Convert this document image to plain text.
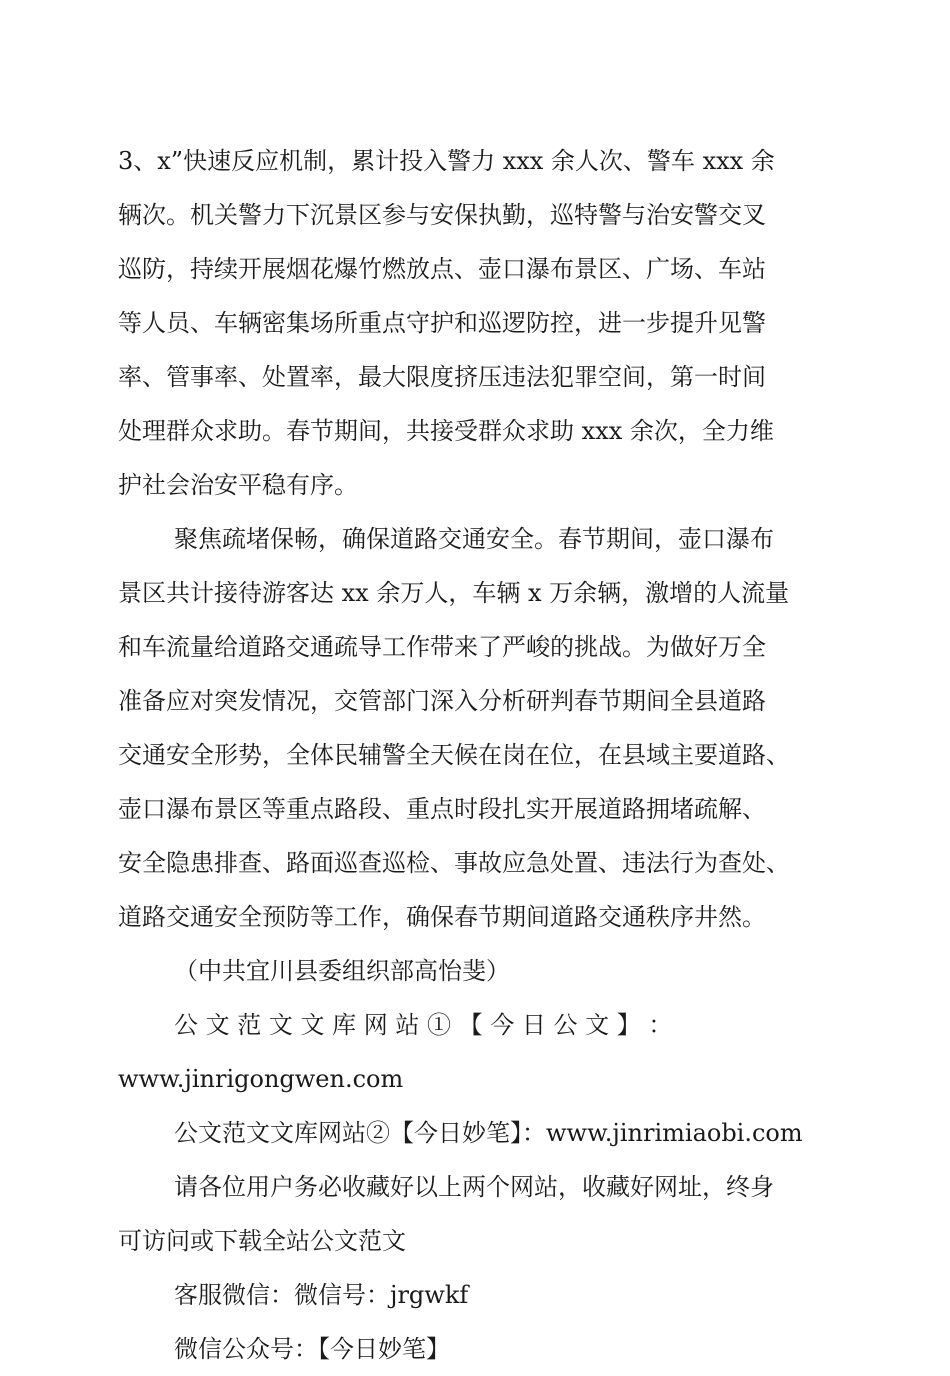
3、x”快速反应机制，累计投入警力 xxx 余人次、警车 xxx 余
辆次。机关警力下沉景区参与安保执勤，巡特警与治安警交叉
巡防，持续开展烟花爆竹燃放点、壶口瀑布景区、广场、车站
等人员、车辆密集场所重点守护和巡逻防控，进一步提升见警
率、管事率、处置率，最大限度挤压违法犯罪空间，第一时间
处理群众求助。春节期间，共接受群众求助 xxx 余次，全力维
护社会治安平稳有序。
聚焦疏堵保畅，确保道路交通安全。春节期间，壶口瀑布
景区共计接待游客达 xx 余万人，车辆 x 万余辆，激增的人流量
和车流量给道路交通疏导工作带来了严峻的挑战。为做好万全
准备应对突发情况，交管部门深入分析研判春节期间全县道路
交通安全形势，全体民辅警全天候在岗在位，在县域主要道路、
壶口瀑布景区等重点路段、重点时段扎实开展道路拥堵疏解、
安全隐患排查、路面巡查巡检、事故应急处置、违法行为查处、
道路交通安全预防等工作，确保春节期间道路交通秩序井然。
（中共宜川县委组织部高怡斐）
公 文 范 文 文 库 网 站 ① 【 今 日 公 文 】 ：
www.jinrigongwen.com
公文范文文库网站②【今日妙笔】：www.jinrimiaobi.com
请各位用户务必收藏好以上两个网站，收藏好网址，终身
可访问或下载全站公文范文
客服微信：微信号：jrgwkf
微信公众号：【今日妙笔】
